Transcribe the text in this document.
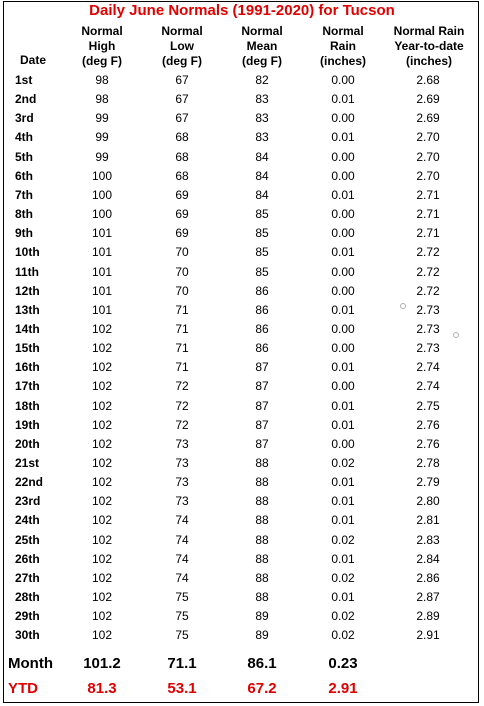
Daily June Normals (1991-2020) for Tucson
Date
Normal
High
(deg F)
Normal
Low
(deg F)
Normal
Mean
(deg F)
Normal
Rain
(inches)
Normal Rain
Year-to-date
(inches)
1st	98	67	82	0.00	2.68
2nd	98	67	83	0.01	2.69
3rd	99	67	83	0.00	2.69
4th	99	68	83	0.01	2.70
5th	99	68	84	0.00	2.70
6th	100	68	84	0.00	2.70
7th	100	69	84	0.01	2.71
8th	100	69	85	0.00	2.71
9th	101	69	85	0.00	2.71
10th	101	70	85	0.01	2.72
11th	101	70	85	0.00	2.72
12th	101	70	86	0.00	2.72
13th	101	71	86	0.01	2.73
14th	102	71	86	0.00	2.73
15th	102	71	86	0.00	2.73
16th	102	71	87	0.01	2.74
17th	102	72	87	0.00	2.74
18th	102	72	87	0.01	2.75
19th	102	72	87	0.01	2.76
20th	102	73	87	0.00	2.76
21st	102	73	88	0.02	2.78
22nd	102	73	88	0.01	2.79
23rd	102	73	88	0.01	2.80
24th	102	74	88	0.01	2.81
25th	102	74	88	0.02	2.83
26th	102	74	88	0.01	2.84
27th	102	74	88	0.02	2.86
28th	102	75	88	0.01	2.87
29th	102	75	89	0.02	2.89
30th	102	75	89	0.02	2.91
Month	101.2	71.1	86.1	0.23
YTD	81.3	53.1	67.2	2.91
